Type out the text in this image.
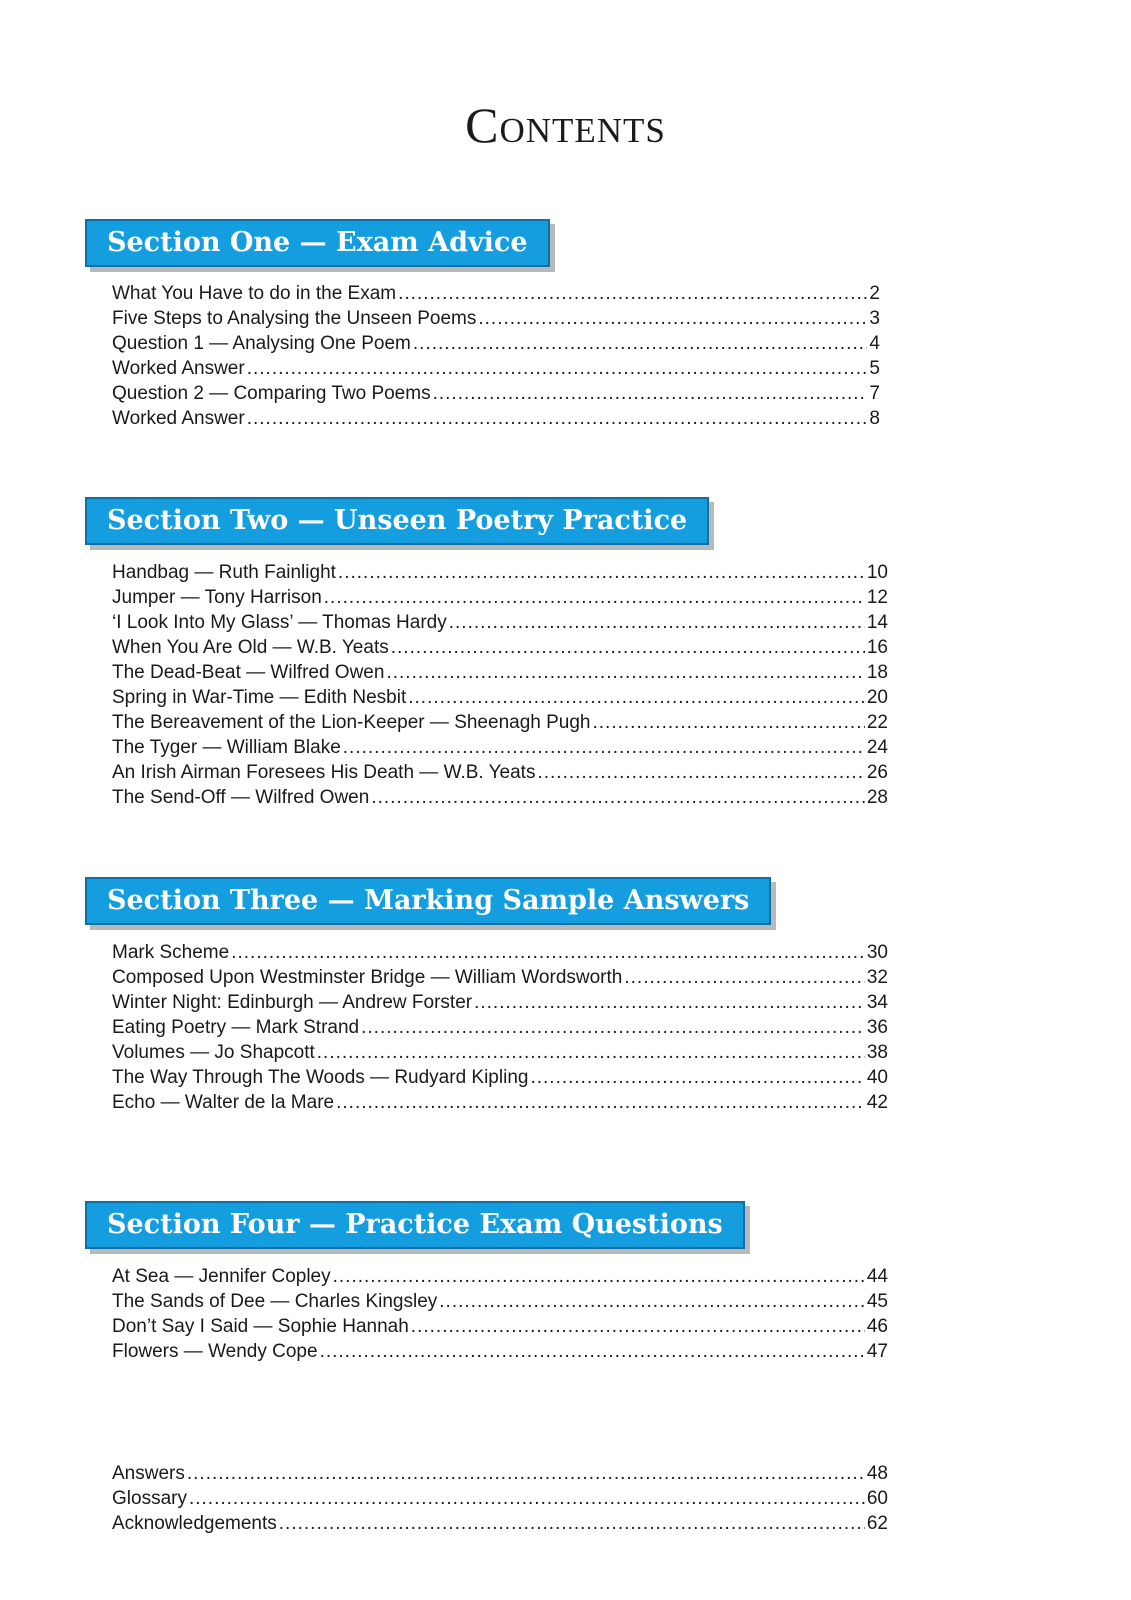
Contents
Section One — Exam Advice
What You Have to do in the Exam .....	2
Five Steps to Analysing the Unseen Poems .....	3
Question 1 — Analysing One Poem .....	4
Worked Answer .....	5
Question 2 — Comparing Two Poems .....	7
Worked Answer .....	8
Section Two — Unseen Poetry Practice
Handbag — Ruth Fainlight .....	10
Jumper — Tony Harrison .....	12
‘I Look Into My Glass’ — Thomas Hardy .....	14
When You Are Old — W.B. Yeats .....	16
The Dead-Beat — Wilfred Owen .....	18
Spring in War-Time — Edith Nesbit .....	20
The Bereavement of the Lion-Keeper — Sheenagh Pugh .....	22
The Tyger — William Blake .....	24
An Irish Airman Foresees His Death — W.B. Yeats .....	26
The Send-Off — Wilfred Owen .....	28
Section Three — Marking Sample Answers
Mark Scheme .....	30
Composed Upon Westminster Bridge — William Wordsworth .....	32
Winter Night: Edinburgh — Andrew Forster .....	34
Eating Poetry — Mark Strand .....	36
Volumes — Jo Shapcott .....	38
The Way Through The Woods — Rudyard Kipling .....	40
Echo — Walter de la Mare .....	42
Section Four — Practice Exam Questions
At Sea — Jennifer Copley .....	44
The Sands of Dee — Charles Kingsley .....	45
Don’t Say I Said — Sophie Hannah .....	46
Flowers — Wendy Cope .....	47
Answers .....	48
Glossary .....	60
Acknowledgements .....	62
